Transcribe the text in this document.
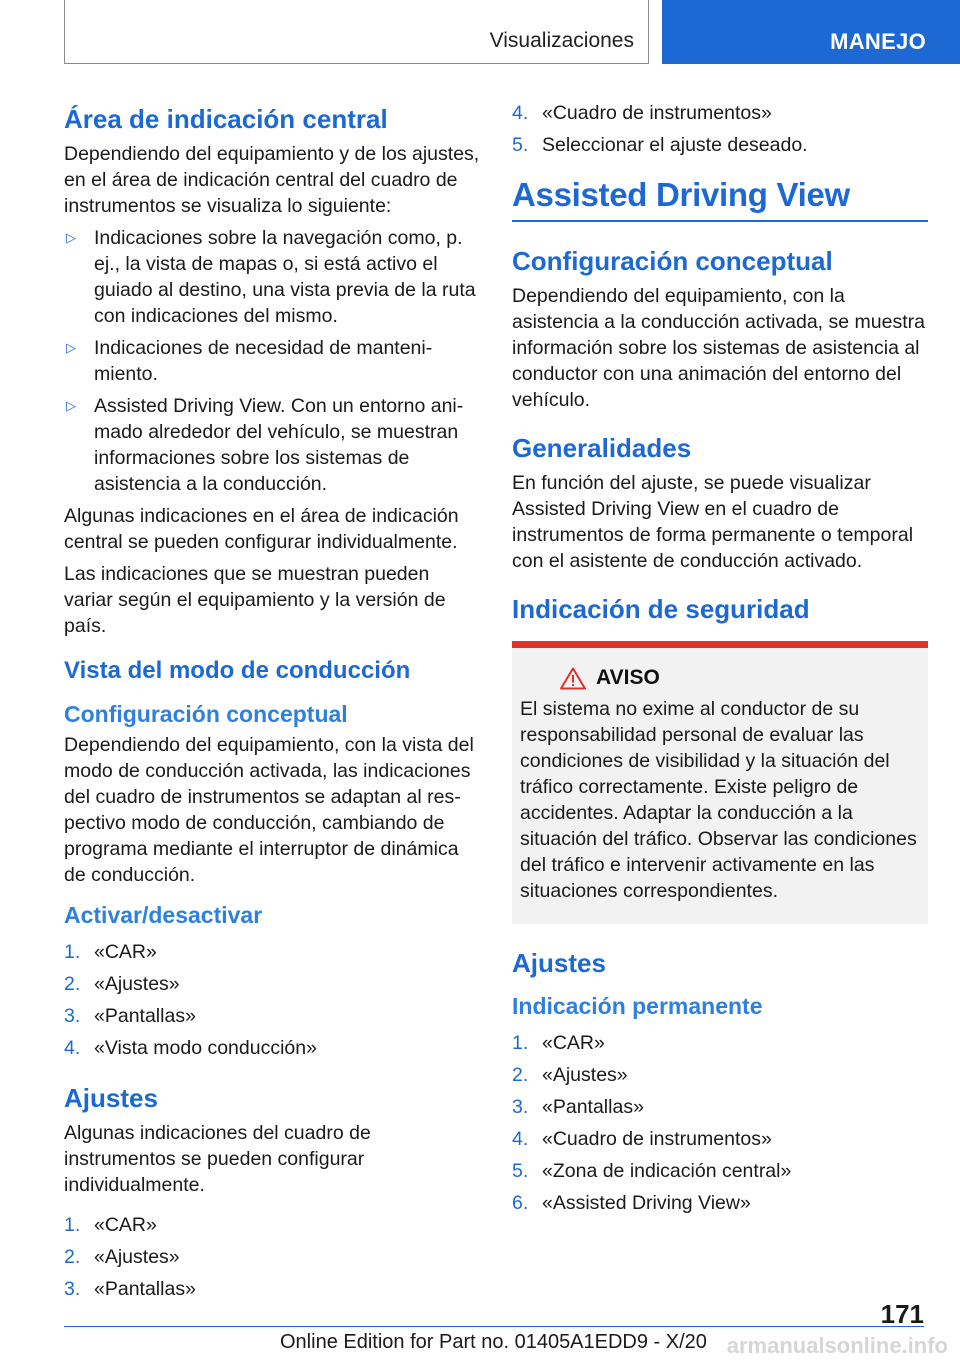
Visualizaciones	MANEJO
Área de indicación central

Dependiendo del equipamiento y de los ajustes, en el área de indicación central del cuadro de instrumentos se visualiza lo siguiente:

▷ Indicaciones sobre la navegación como, p. ej., la vista de mapas o, si está activo el guiado al destino, una vista previa de la ruta con indicaciones del mismo.
▷ Indicaciones de necesidad de mantenimiento.
▷ Assisted Driving View. Con un entorno animado alrededor del vehículo, se muestran informaciones sobre los sistemas de asistencia a la conducción.

Algunas indicaciones en el área de indicación central se pueden configurar individualmente.

Las indicaciones que se muestran pueden variar según el equipamiento y la versión de país.

Vista del modo de conducción
Configuración conceptual

Dependiendo del equipamiento, con la vista del modo de conducción activada, las indicaciones del cuadro de instrumentos se adaptan al respectivo modo de conducción, cambiando de programa mediante el interruptor de dinámica de conducción.

Activar/desactivar
1. «CAR»
2. «Ajustes»
3. «Pantallas»
4. «Vista modo conducción»
Ajustes

Algunas indicaciones del cuadro de instrumentos se pueden configurar individualmente.

1. «CAR»
2. «Ajustes»
3. «Pantallas»
4. «Cuadro de instrumentos»
5. Seleccionar el ajuste deseado.
Assisted Driving View
Configuración conceptual

Dependiendo del equipamiento, con la asistencia a la conducción activada, se muestra información sobre los sistemas de asistencia al conductor con una animación del entorno del vehículo.

Generalidades

En función del ajuste, se puede visualizar Assisted Driving View en el cuadro de instrumentos de forma permanente o temporal con el asistente de conducción activado.

Indicación de seguridad
AVISO

El sistema no exime al conductor de su responsabilidad personal de evaluar las condiciones de visibilidad y la situación del tráfico correctamente. Existe peligro de accidentes. Adaptar la conducción a la situación del tráfico. Observar las condiciones del tráfico e intervenir activamente en las situaciones correspondientes.

Ajustes
Indicación permanente
1. «CAR»
2. «Ajustes»
3. «Pantallas»
4. «Cuadro de instrumentos»
5. «Zona de indicación central»
6. «Assisted Driving View»
171
Online Edition for Part no. 01405A1EDD9 - X/20 armanualsonline.info
